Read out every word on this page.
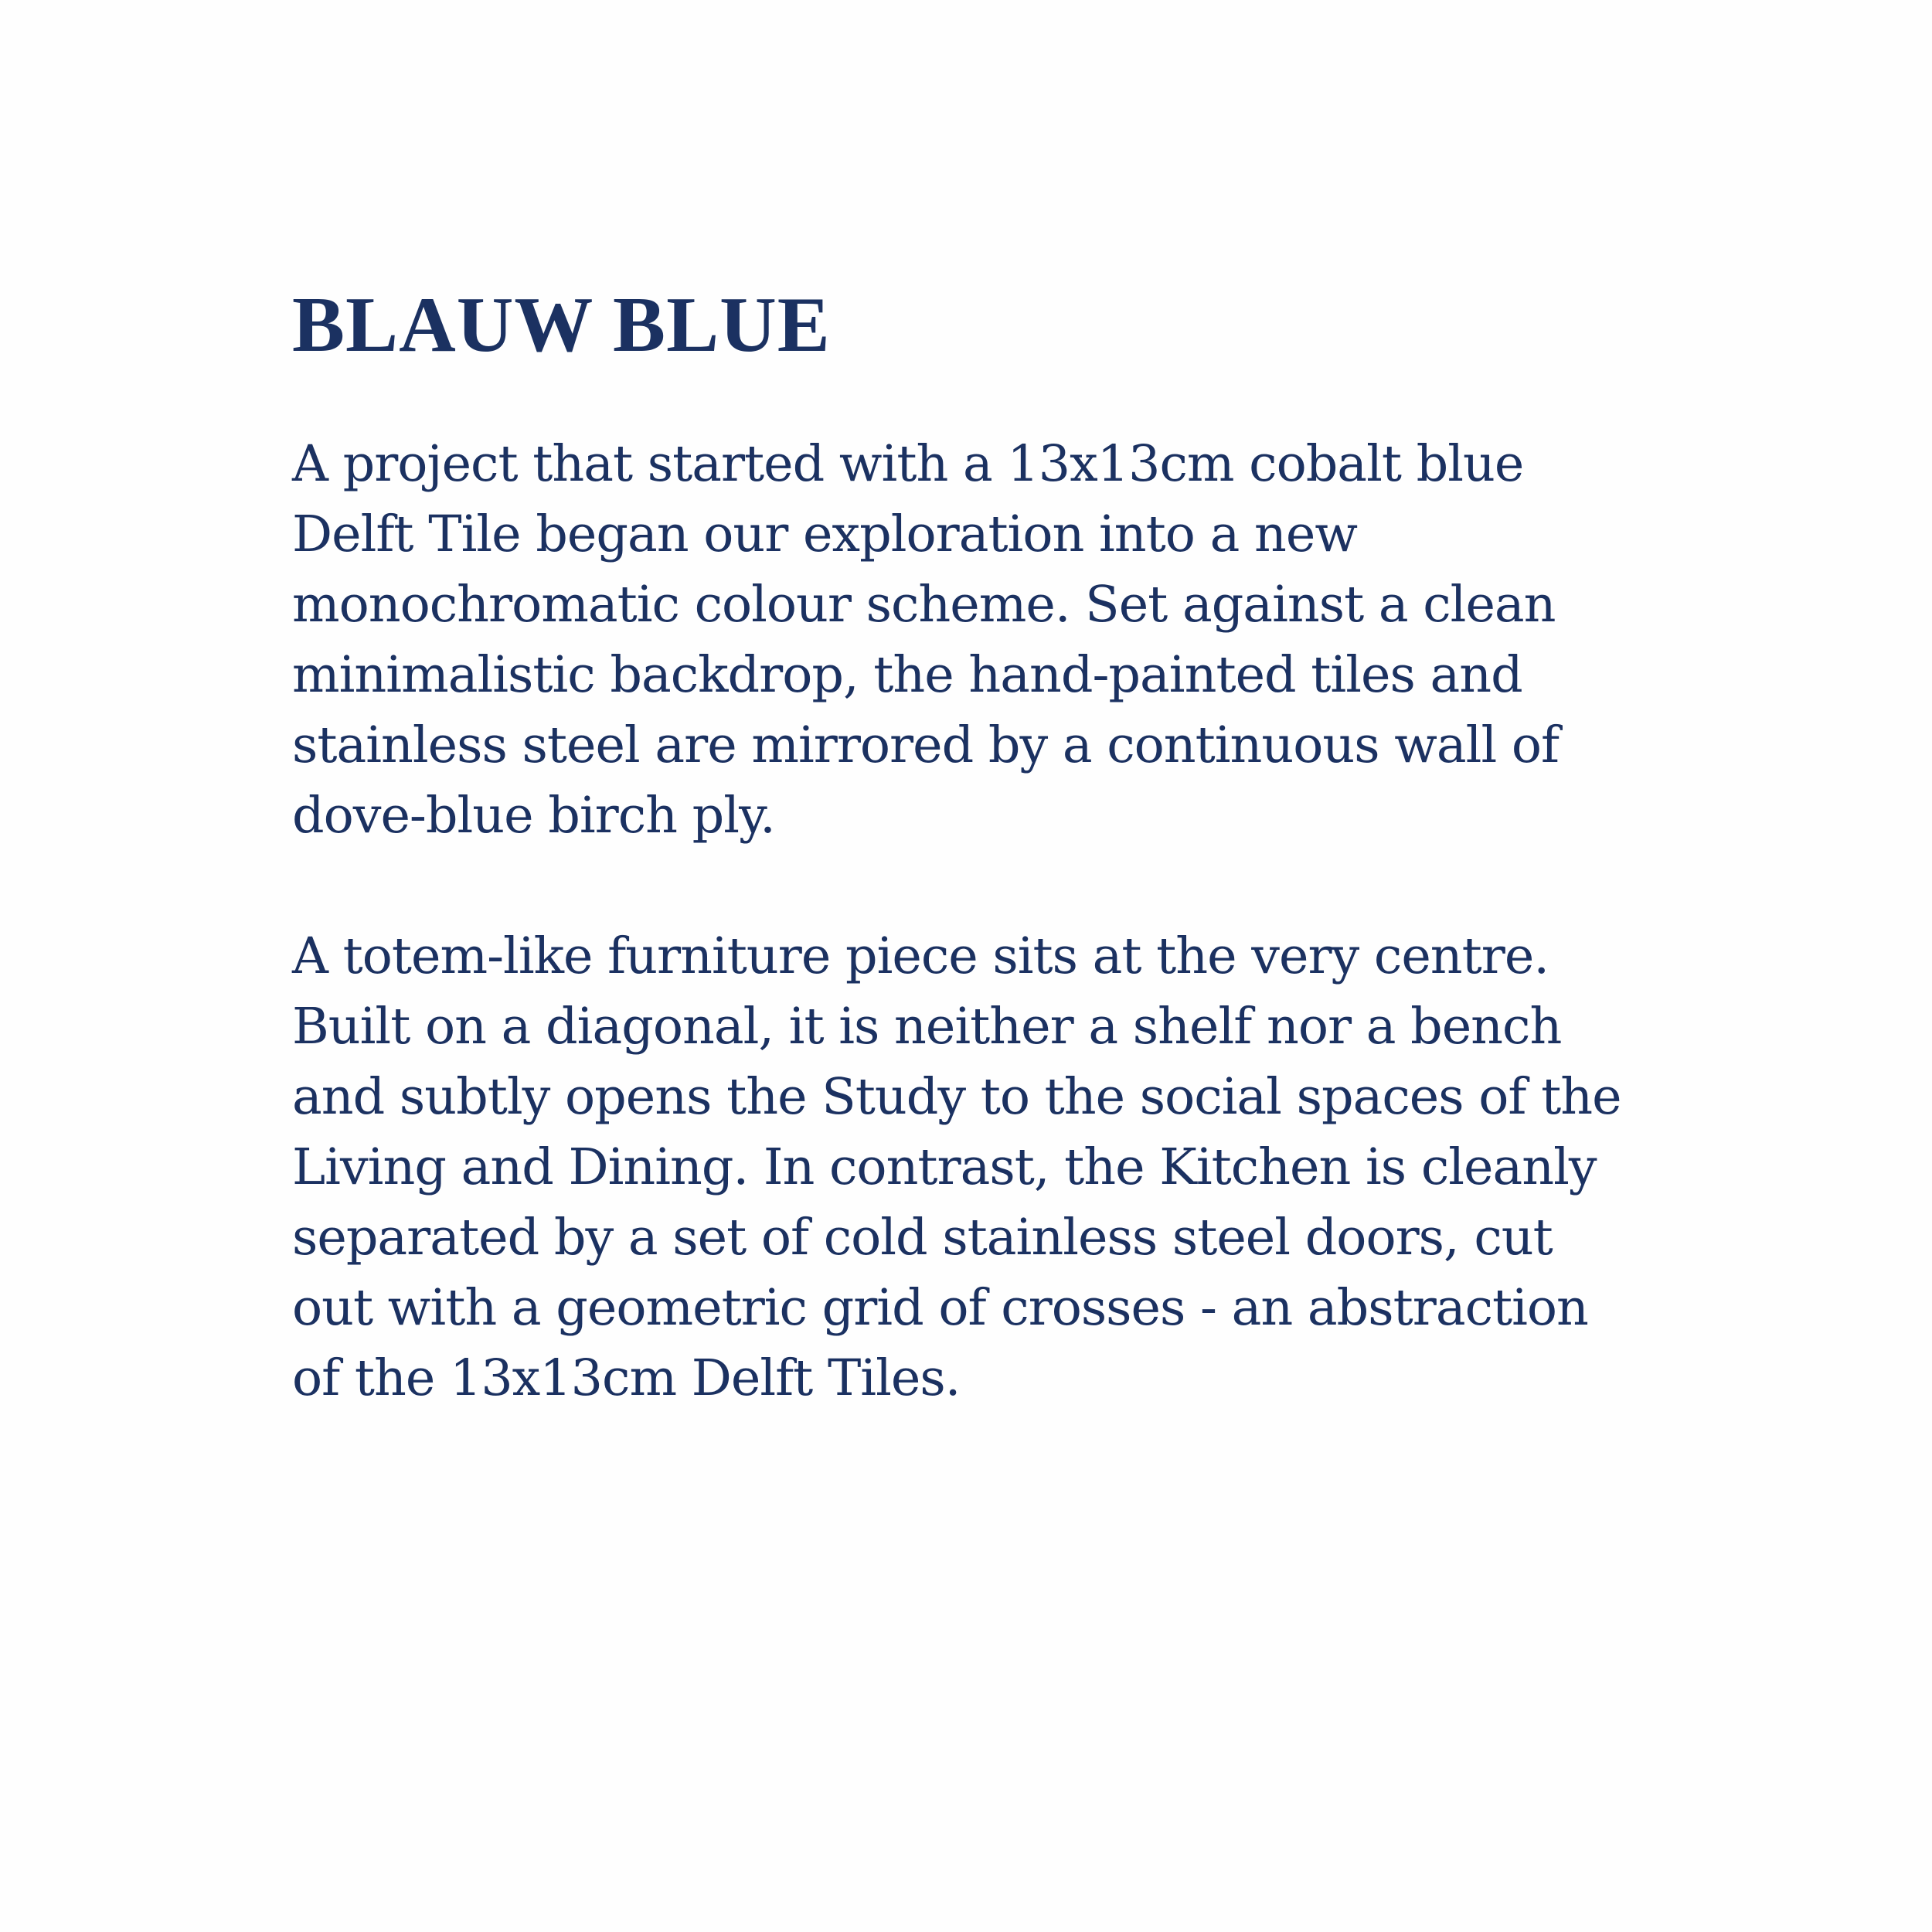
BLAUW BLUE

A project that started with a 13x13cm cobalt blue
Delft Tile began our exploration into a new
monochromatic colour scheme. Set against a clean
minimalistic backdrop, the hand-painted tiles and
stainless steel are mirrored by a continuous wall of
dove-blue birch ply.

A totem-like furniture piece sits at the very centre.
Built on a diagonal, it is neither a shelf nor a bench
and subtly opens the Study to the social spaces of the
Living and Dining. In contrast, the Kitchen is cleanly
separated by a set of cold stainless steel doors, cut
out with a geometric grid of crosses - an abstraction
of the 13x13cm Delft Tiles.
